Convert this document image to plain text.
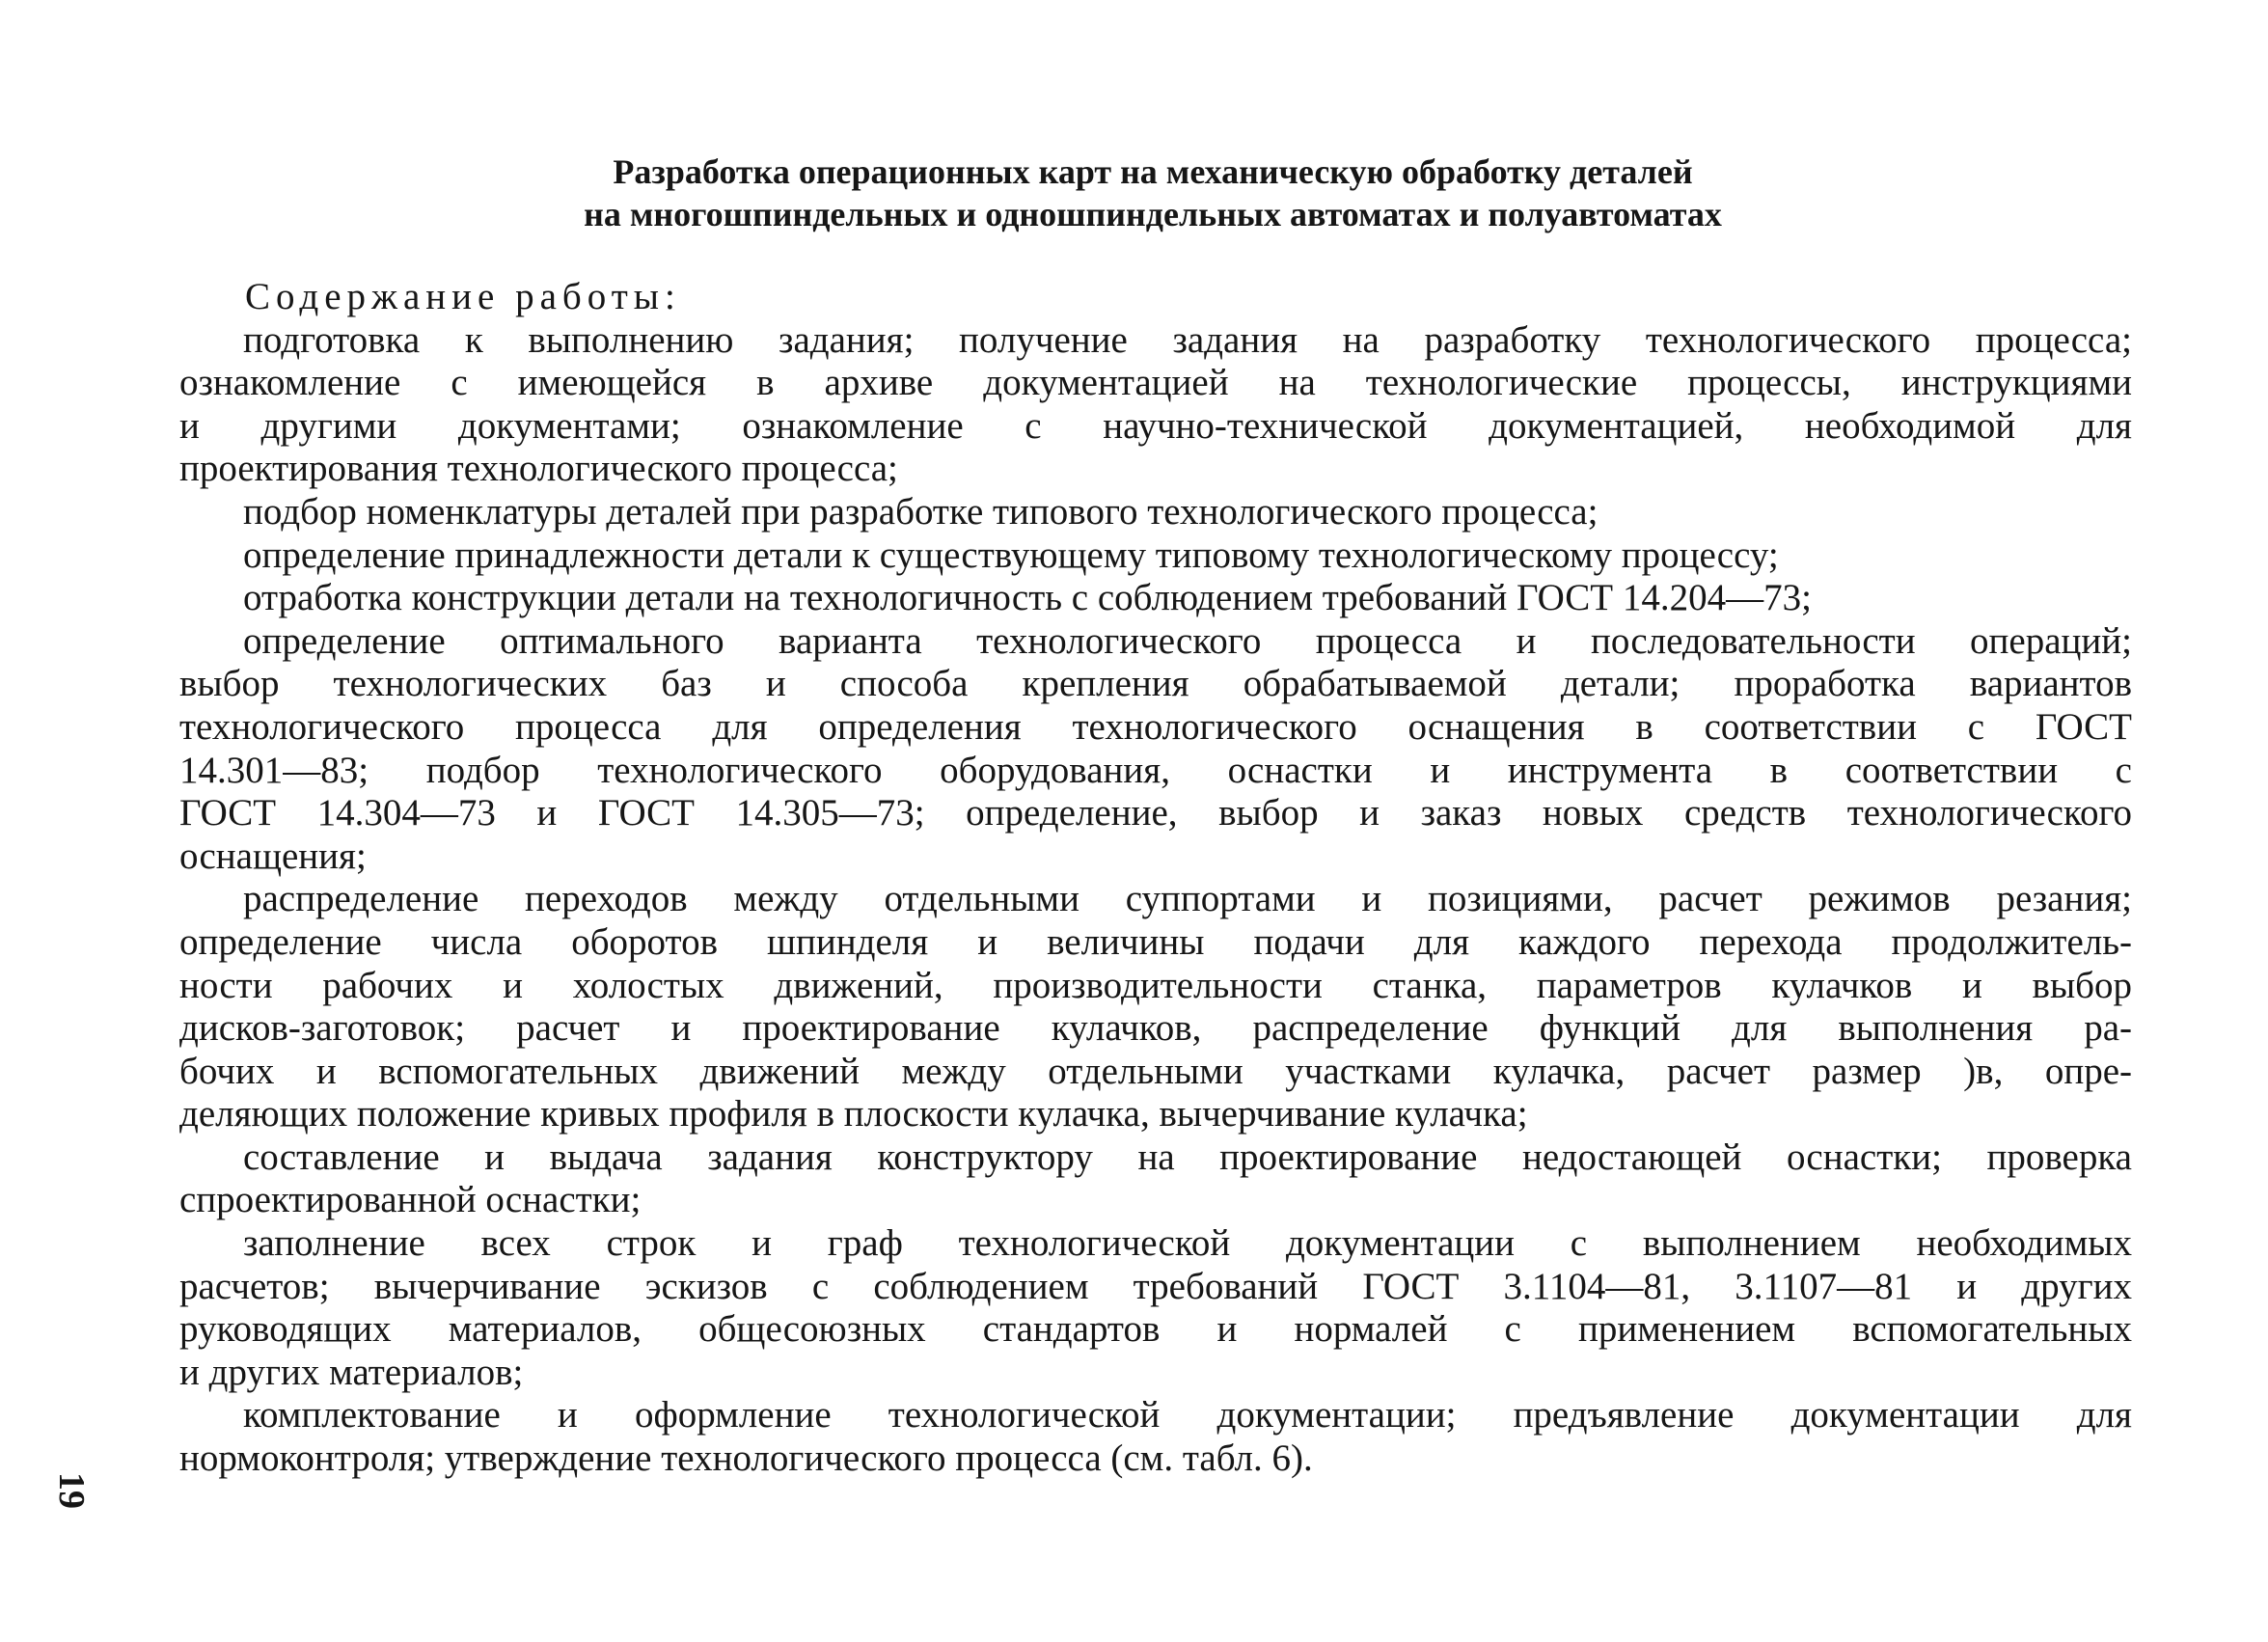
Разработка операционных карт на механическую обработку деталей
на многошпиндельных и одношпиндельных автоматах и полуавтоматах

Содержание работы:

подготовка к выполнению задания; получение задания на разработку технологического процесса;
ознакомление с имеющейся в архиве документацией на технологические процессы, инструкциями
и другими документами; ознакомление с научно-технической документацией, необходимой для
проектирования технологического процесса;
подбор номенклатуры деталей при разработке типового технологического процесса;
определение принадлежности детали к существующему типовому технологическому процессу;
отработка конструкции детали на технологичность с соблюдением требований ГОСТ 14.204—73;
определение оптимального варианта технологического процесса и последовательности операций;
выбор технологических баз и способа крепления обрабатываемой детали; проработка вариантов
технологического процесса для определения технологического оснащения в соответствии с ГОСТ
14.301—83; подбор технологического оборудования, оснастки и инструмента в соответствии с
ГОСТ 14.304—73 и ГОСТ 14.305—73; определение, выбор и заказ новых средств технологического
оснащения;
распределение переходов между отдельными суппортами и позициями, расчет режимов резания;
определение числа оборотов шпинделя и величины подачи для каждого перехода продолжитель-
ности рабочих и холостых движений, производительности станка, параметров кулачков и выбор
дисков-заготовок; расчет и проектирование кулачков, распределение функций для выполнения ра-
бочих и вспомогательных движений между отдельными участками кулачка, расчет размер )в, опре-
деляющих положение кривых профиля в плоскости кулачка, вычерчивание кулачка;
составление и выдача задания конструктору на проектирование недостающей оснастки; проверка
спроектированной оснастки;
заполнение всех строк и граф технологической документации с выполнением необходимых
расчетов; вычерчивание эскизов с соблюдением требований ГОСТ 3.1104—81, 3.1107—81 и других
руководящих материалов, общесоюзных стандартов и нормалей с применением вспомогательных
и других материалов;
комплектование и оформление технологической документации; предъявление документации для
нормоконтроля; утверждение технологического процесса (см. табл. 6).
19
